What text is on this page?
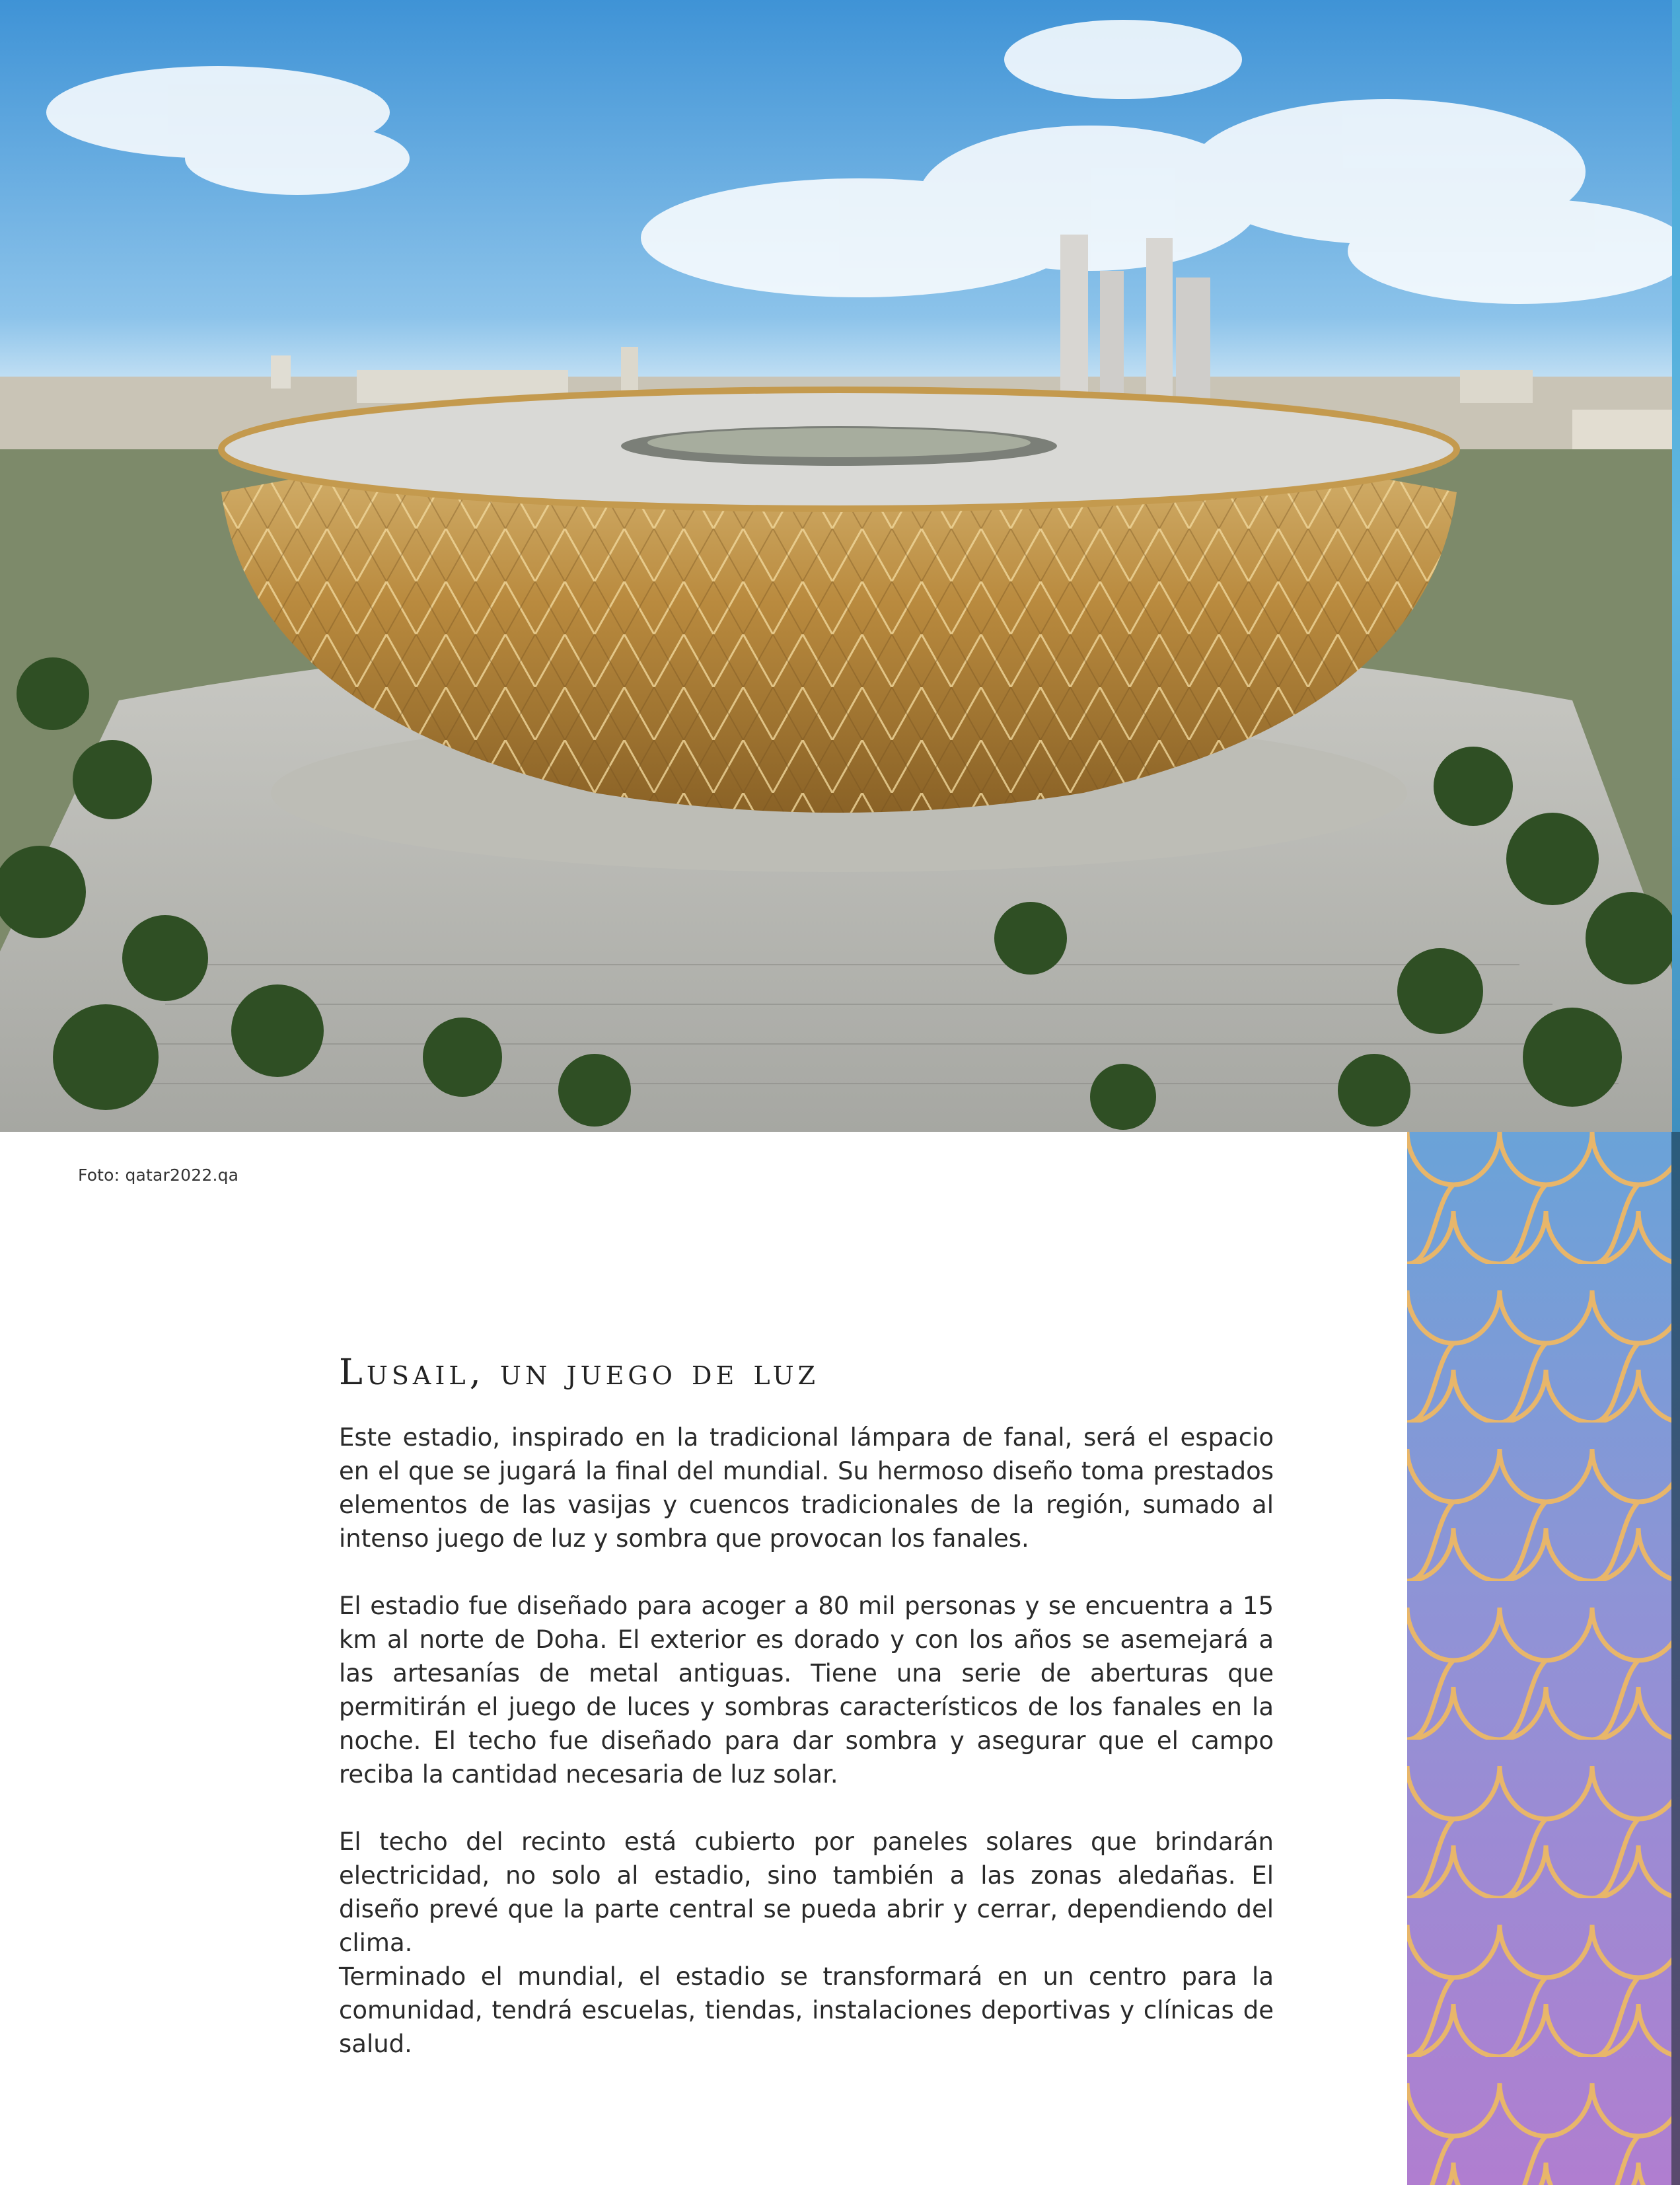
Foto: qatar2022.qa
Lusail, un juego de luz

Este estadio, inspirado en la tradicional lámpara de fanal, será el espacio en el que se jugará la final del mundial. Su hermoso diseño toma prestados elementos de las vasijas y cuencos tradicionales de la región, sumado al intenso juego de luz y sombra que provocan los fanales.

El estadio fue diseñado para acoger a 80 mil personas y se encuentra a 15 km al norte de Doha. El exterior es dorado y con los años se asemejará a las artesanías de metal antiguas. Tiene una serie de aberturas que permitirán el juego de luces y sombras característicos de los fanales en la noche. El techo fue diseñado para dar sombra y asegurar que el campo reciba la cantidad necesaria de luz solar.

El techo del recinto está cubierto por paneles solares que brindarán electricidad, no solo al estadio, sino también a las zonas aledañas. El diseño prevé que la parte central se pueda abrir y cerrar, dependiendo del clima.

Terminado el mundial, el estadio se transformará en un centro para la comunidad, tendrá escuelas, tiendas, instalaciones deportivas y clínicas de salud.
